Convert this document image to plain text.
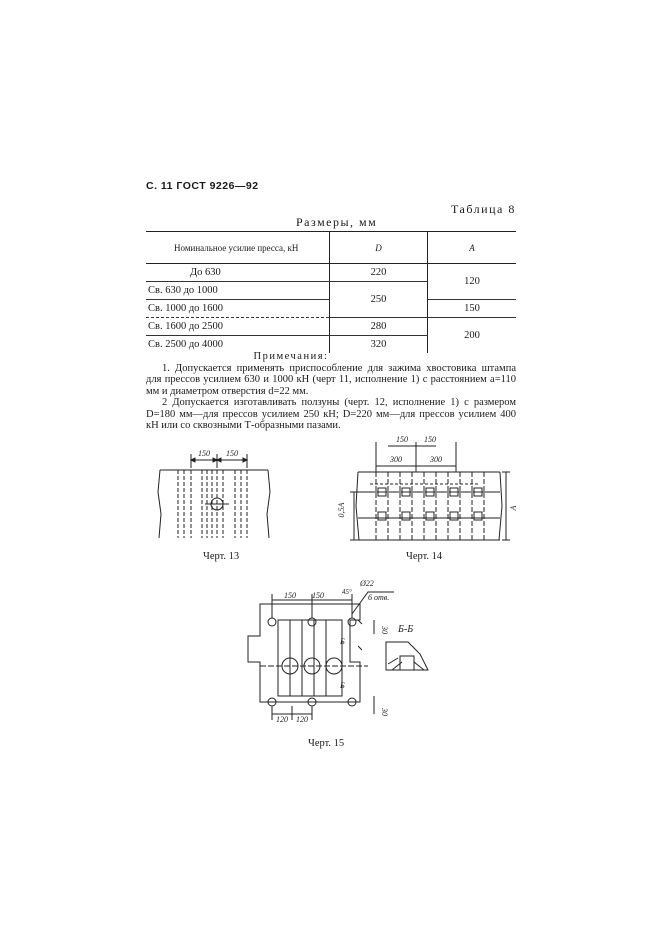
С. 11 ГОСТ 9226—92
Таблица 8
Размеры, мм
Номинальное усилие пресса, кН	D	A
До 630	220	120
Св. 630 до 1000	250	
Св. 1000 до 1600		150
Св. 1600 до 2500	280	200
Св. 2500 до 4000	320	
Примечания:

1. Допускается применять приспособление для зажима хвостовика штампа для прессов усилием 630 и 1000 кН (черт 11, исполнение 1) с расстоянием a=110 мм и диаметром отверстия d=22 мм.

2 Допускается изготавливать ползуны (черт. 12, исполнение 1) с размером D=180 мм—для прессов усилием 250 кН; D=220 мм—для прессов усилием 400 кН или со сквозными Т-образными пазами.

150 150
Черт. 13
150 150
300	300
0,5A	A
Черт. 14
150 150
Ø22
6 отв.
30
30
120 120
45°
Б
Б
Б-Б
Черт. 15
